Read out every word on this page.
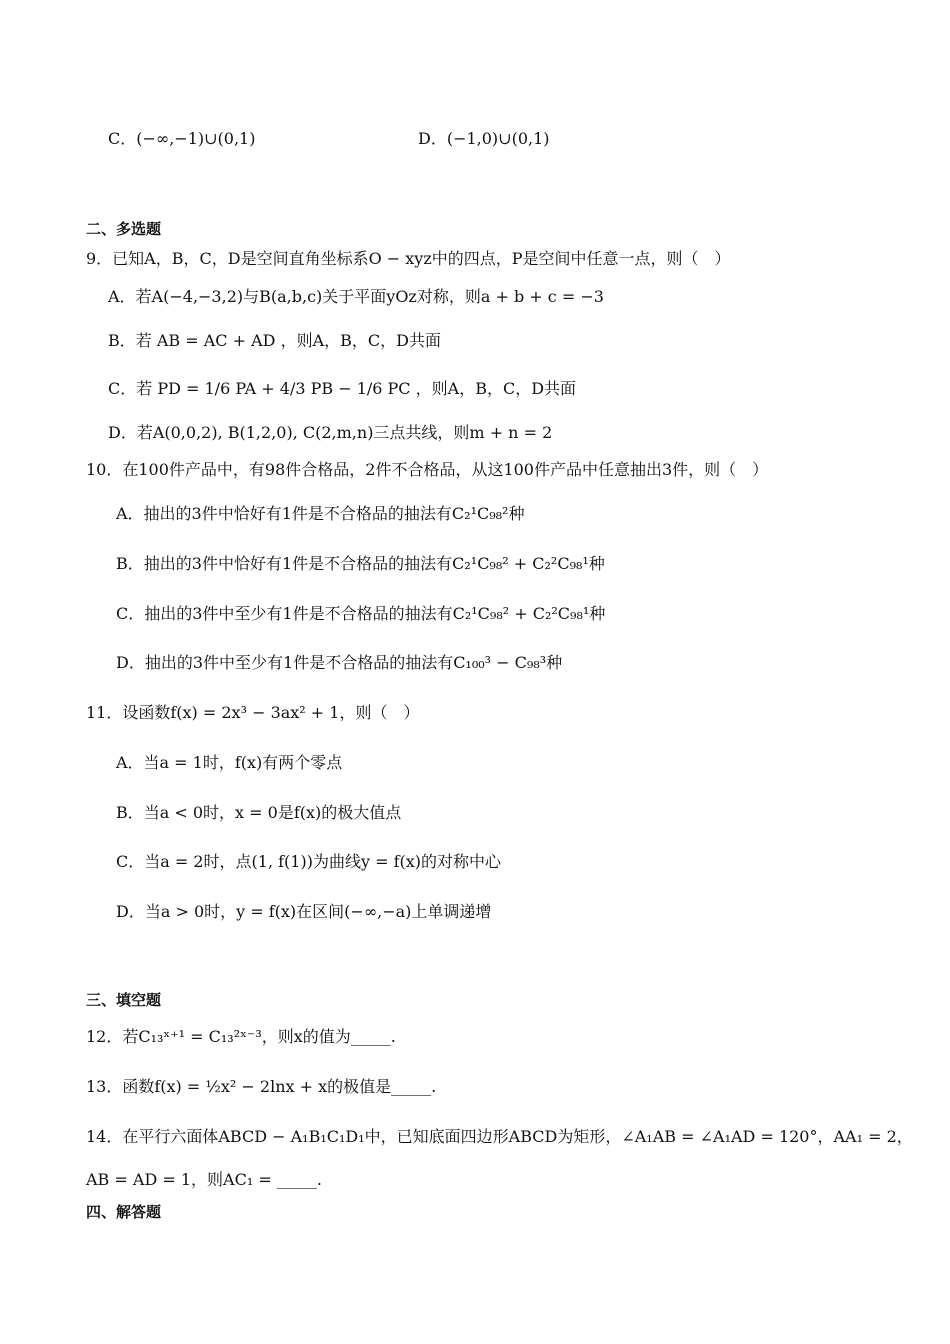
C．(−∞,−1)∪(0,1)	D．(−1,0)∪(0,1)
二、多选题
9．已知A，B，C，D是空间直角坐标系O − xyz中的四点，P是空间中任意一点，则（　）
A．若A(−4,−3,2)与B(a,b,c)关于平面yOz对称，则a + b + c = −3
B．若 AB = AC + AD ，则A，B，C，D共面
C．若 PD = 1/6 PA + 4/3 PB − 1/6 PC ，则A，B，C，D共面
D．若A(0,0,2), B(1,2,0), C(2,m,n)三点共线，则m + n = 2
10．在100件产品中，有98件合格品，2件不合格品，从这100件产品中任意抽出3件，则（　）
A．抽出的3件中恰好有1件是不合格品的抽法有C₂¹C₉₈²种
B．抽出的3件中恰好有1件是不合格品的抽法有C₂¹C₉₈² + C₂²C₉₈¹种
C．抽出的3件中至少有1件是不合格品的抽法有C₂¹C₉₈² + C₂²C₉₈¹种
D．抽出的3件中至少有1件是不合格品的抽法有C₁₀₀³ − C₉₈³种
11．设函数f(x) = 2x³ − 3ax² + 1，则（　）
A．当a = 1时，f(x)有两个零点
B．当a < 0时，x = 0是f(x)的极大值点
C．当a = 2时，点(1, f(1))为曲线y = f(x)的对称中心
D．当a > 0时，y = f(x)在区间(−∞,−a)上单调递增
三、填空题
12．若C₁₃ˣ⁺¹ = C₁₃²ˣ⁻³，则x的值为_____.
13．函数f(x) = ½x² − 2lnx + x的极值是_____.
14．在平行六面体ABCD − A₁B₁C₁D₁中，已知底面四边形ABCD为矩形，∠A₁AB = ∠A₁AD = 120°，AA₁ = 2，
AB = AD = 1，则AC₁ = _____.
四、解答题
